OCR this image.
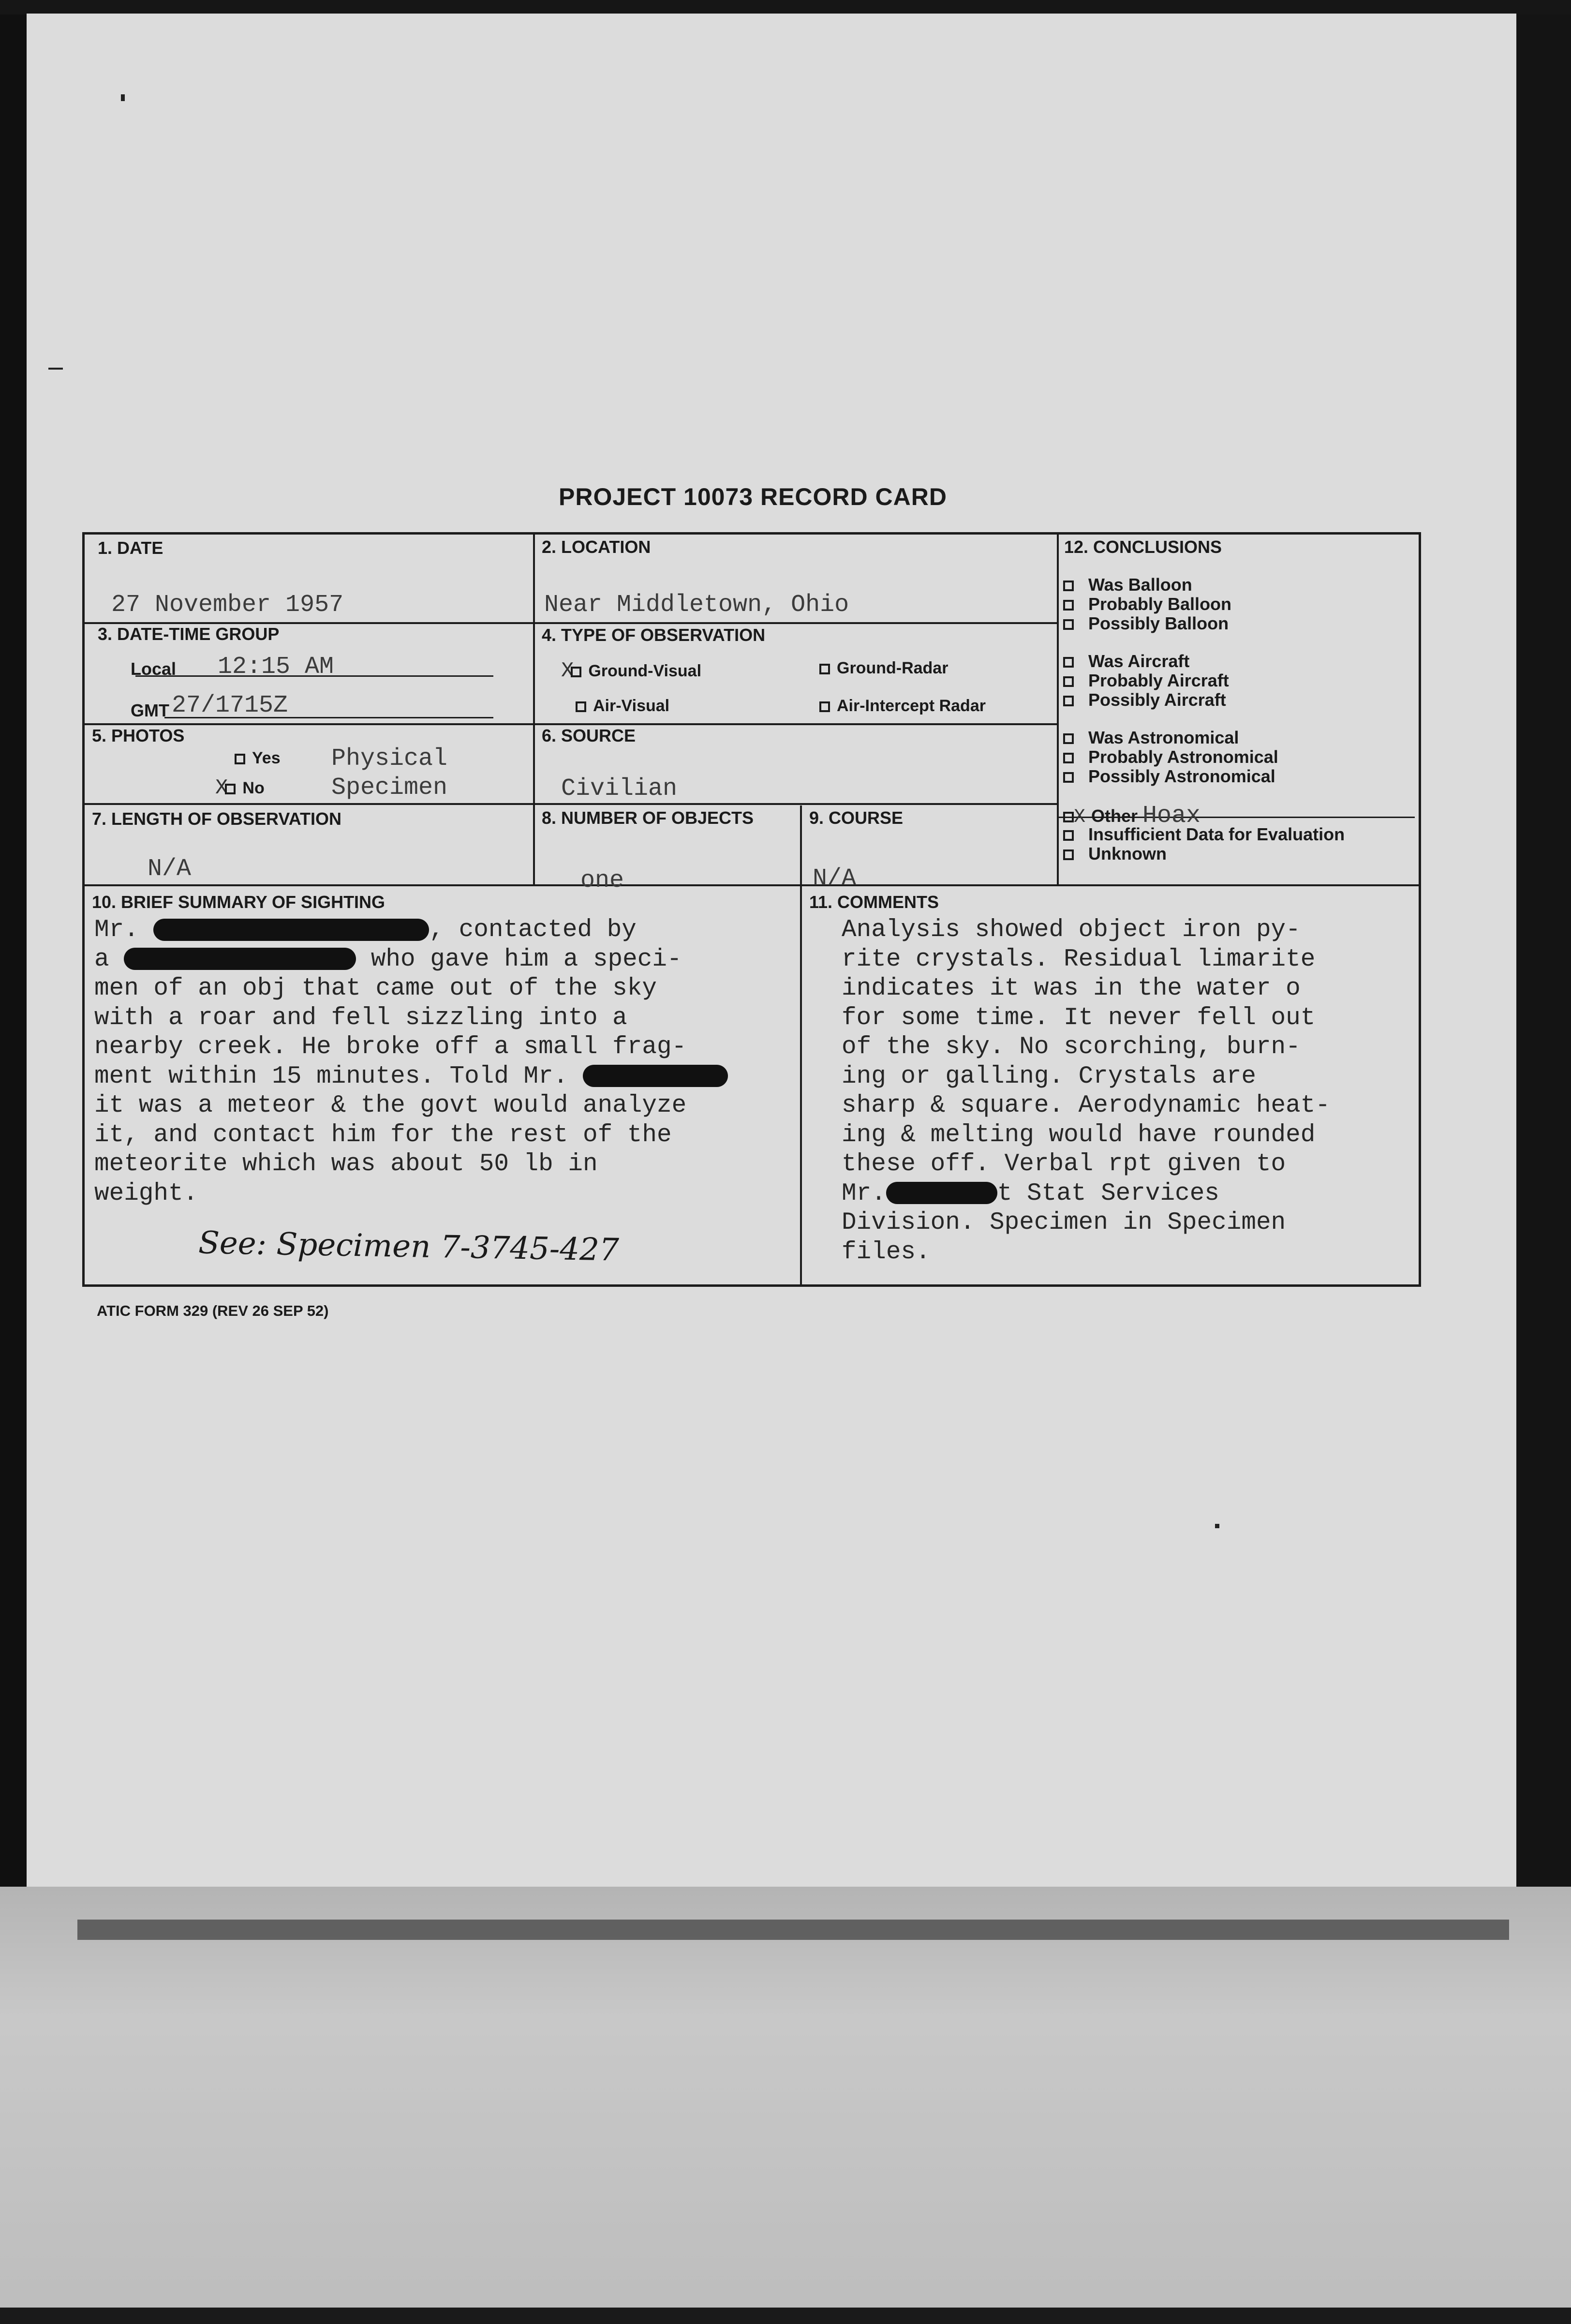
PROJECT 10073 RECORD CARD
1. DATE
27 November 1957
2. LOCATION
Near Middletown, Ohio
3. DATE-TIME GROUP
Local 12:15 AM
GMT 27/1715Z
4. TYPE OF OBSERVATION
X Ground-Visual	Ground-Radar
Air-Visual	Air-Intercept Radar
5. PHOTOS
Yes
X No
Physical
Specimen
6. SOURCE
Civilian
7. LENGTH OF OBSERVATION
N/A
8. NUMBER OF OBJECTS
one
9. COURSE
N/A
10. BRIEF SUMMARY OF SIGHTING
Mr.	, contacted by
a	who gave him a speci-
men of an obj that came out of the sky
with a roar and fell sizzling into a
nearby creek. He broke off a small frag-
ment within 15 minutes. Told Mr.
it was a meteor & the govt would analyze
it, and contact him for the rest of the
meteorite which was about 50 lb in
weight.
11. COMMENTS
Analysis showed object iron py-
rite crystals. Residual limarite
indicates it was in the water o
for some time. It never fell out
of the sky. No scorching, burn-
ing or galling. Crystals are
sharp & square. Aerodynamic heat-
ing & melting would have rounded
these off. Verbal rpt given to
Mr.	t Stat Services
Division. Specimen in Specimen
files.
12. CONCLUSIONS
Was Balloon
Probably Balloon
Possibly Balloon
Was Aircraft
Probably Aircraft
Possibly Aircraft
Was Astronomical
Probably Astronomical
Possibly Astronomical
X Other Hoax
Insufficient Data for Evaluation
Unknown
See: Specimen 7-3745-427
ATIC FORM 329 (REV 26 SEP 52)
